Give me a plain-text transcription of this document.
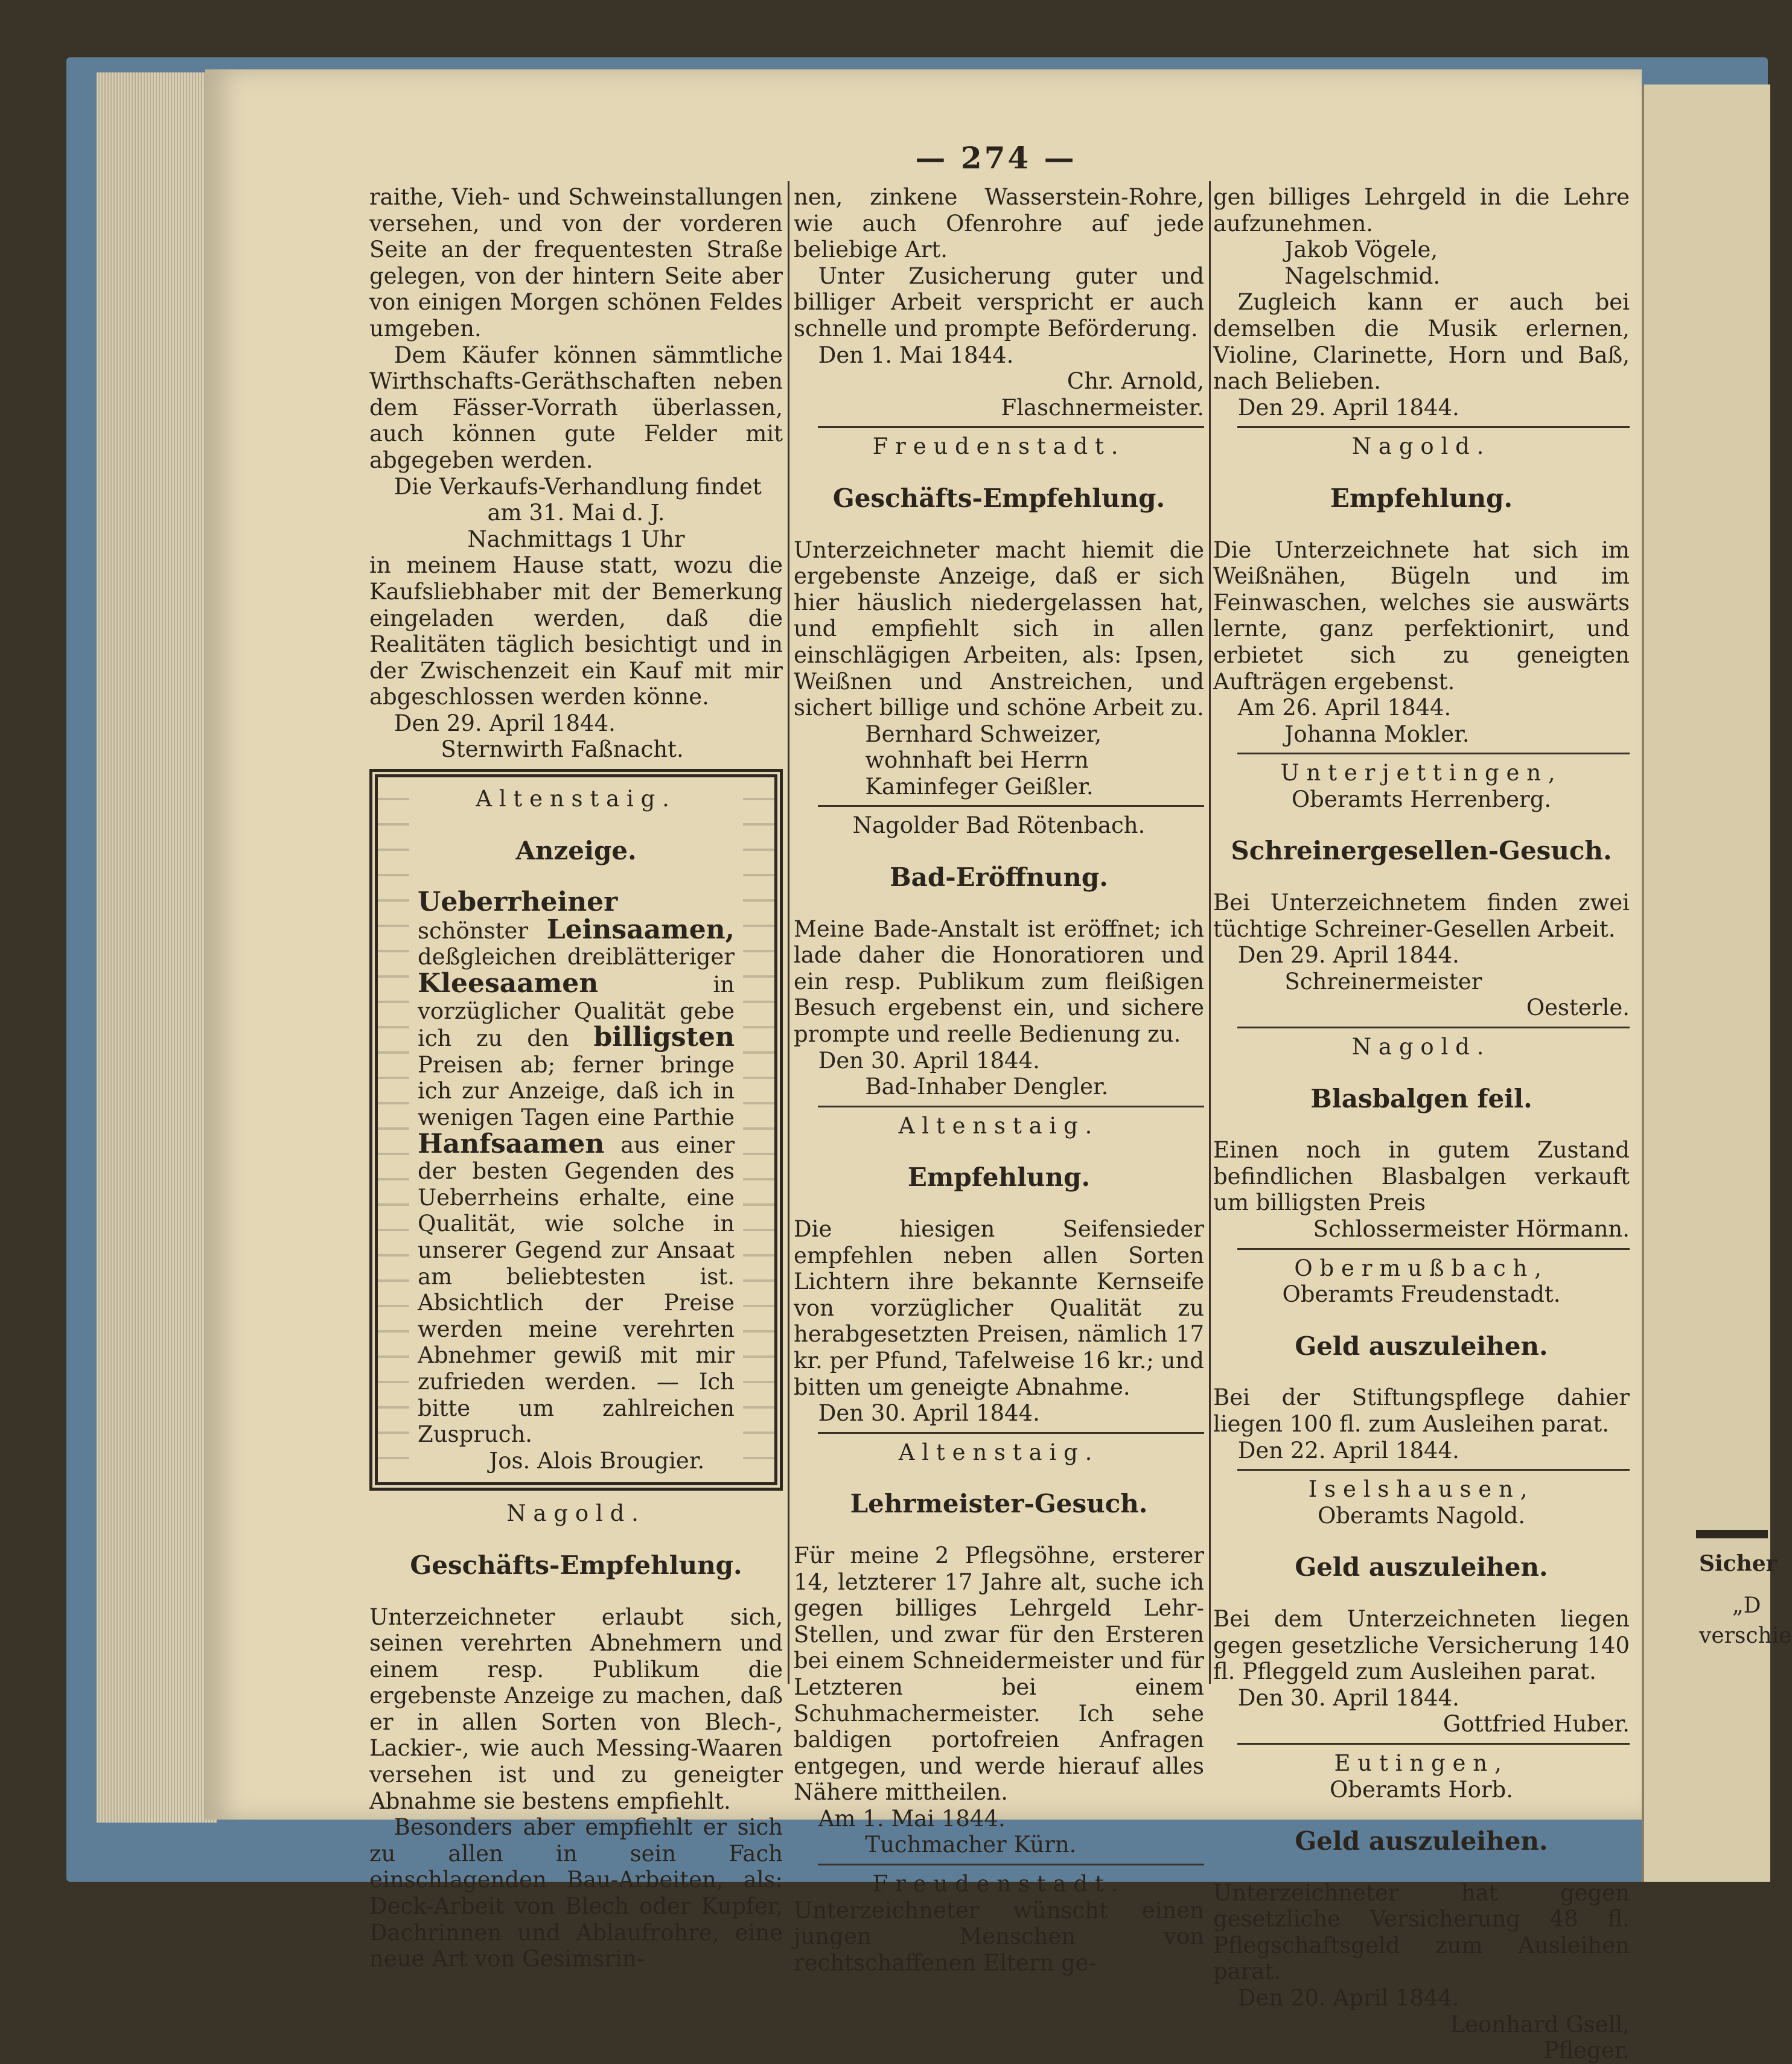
— 274 —

raithe, Vieh- und Schweinstallungen versehen, und von der vorderen Seite an der frequentesten Straße gelegen, von der hintern Seite aber von einigen Morgen schönen Feldes umgeben.

Dem Käufer können sämmtliche Wirthschafts-Geräthschaften neben dem Fässer-Vorrath überlassen, auch können gute Felder mit abgegeben werden.

Die Verkaufs-Verhandlung findet

am 31. Mai d. J.

Nachmittags 1 Uhr

in meinem Hause statt, wozu die Kaufsliebhaber mit der Bemerkung eingeladen werden, daß die Realitäten täglich besichtigt und in der Zwischenzeit ein Kauf mit mir abgeschlossen werden könne.

Den 29. April 1844.

Sternwirth Faßnacht.

Altenstaig.

Anzeige.

Ueberrheiner schönster Leinsaamen, deßgleichen dreiblätteriger Kleesaamen	in vorzüglicher Qualität gebe ich zu den billigsten Preisen ab; ferner bringe ich zur Anzeige, daß ich in wenigen Tagen eine Parthie Hanfsaamen aus einer der besten Gegenden des Ueberrheins erhalte, eine Qualität, wie solche in unserer Gegend zur Ansaat am beliebtesten ist. Absichtlich der Preise werden meine verehrten Abnehmer gewiß mit mir zufrieden werden. — Ich bitte um zahlreichen Zuspruch.

Jos. Alois Brougier.

Nagold.

Geschäfts-Empfehlung.

Unterzeichneter erlaubt sich, seinen verehrten Abnehmern und einem resp. Publikum die ergebenste Anzeige zu machen, daß er in allen Sorten von Blech-, Lackier-, wie auch Messing-Waaren versehen ist und zu geneigter Abnahme sie bestens empfiehlt.

Besonders aber empfiehlt er sich zu allen in sein Fach einschlagenden Bau-Arbeiten, als: Deck-Arbeit von Blech oder Kupfer, Dachrinnen und Ablaufrohre, eine neue Art von Gesimsrin-

nen, zinkene Wasserstein-Rohre, wie auch Ofenrohre auf jede beliebige Art.

Unter Zusicherung guter und billiger Arbeit verspricht er auch schnelle und prompte Beförderung.

Den 1. Mai 1844.

Chr. Arnold,

Flaschnermeister.

Freudenstadt.

Geschäfts-Empfehlung.

Unterzeichneter macht hiemit die ergebenste Anzeige, daß er sich hier häuslich niedergelassen hat, und empfiehlt sich in allen einschlägigen Arbeiten, als: Ipsen, Weißnen und Anstreichen, und sichert billige und schöne Arbeit zu.

Bernhard Schweizer,

wohnhaft bei Herrn

Kaminfeger Geißler.

Nagolder Bad Rötenbach.

Bad-Eröffnung.

Meine Bade-Anstalt ist eröffnet; ich lade daher die Honoratioren und ein resp. Publikum zum fleißigen Besuch ergebenst ein, und sichere prompte und reelle Bedienung zu.

Den 30. April 1844.

Bad-Inhaber Dengler.

Altenstaig.

Empfehlung.

Die hiesigen Seifensieder empfehlen neben allen Sorten Lichtern ihre bekannte Kernseife von vorzüglicher Qualität zu herabgesetzten Preisen, nämlich 17 kr. per Pfund, Tafelweise 16 kr.; und bitten um geneigte Abnahme.

Den 30. April 1844.

Altenstaig.

Lehrmeister-Gesuch.

Für meine 2 Pflegsöhne, ersterer 14, letzterer 17 Jahre alt, suche ich gegen billiges Lehrgeld Lehr-Stellen, und zwar für den Ersteren bei einem Schneidermeister und für Letzteren bei einem Schuhmachermeister. Ich sehe baldigen portofreien Anfragen entgegen, und werde hierauf alles Nähere mittheilen.

Am 1. Mai 1844.

Tuchmacher Kürn.

Freudenstadt.

Unterzeichneter wünscht einen jungen Menschen von rechtschaffenen Eltern ge-

gen billiges Lehrgeld in die Lehre aufzunehmen.

Jakob Vögele,

Nagelschmid.

Zugleich kann er auch bei demselben die Musik erlernen, Violine, Clarinette, Horn und Baß, nach Belieben.

Den 29. April 1844.

Nagold.

Empfehlung.

Die Unterzeichnete hat sich im Weißnähen, Bügeln und im Feinwaschen, welches sie auswärts lernte, ganz perfektionirt, und erbietet sich zu geneigten Aufträgen ergebenst.

Am 26. April 1844.

Johanna Mokler.

Unterjettingen,

Oberamts Herrenberg.

Schreinergesellen-Gesuch.

Bei Unterzeichnetem finden zwei tüchtige Schreiner-Gesellen Arbeit.

Den 29. April 1844.

Schreinermeister

Oesterle.

Nagold.

Blasbalgen feil.

Einen noch in gutem Zustand befindlichen Blasbalgen verkauft um billigsten Preis

Schlossermeister Hörmann.

Obermußbach,

Oberamts Freudenstadt.

Geld auszuleihen.

Bei der Stiftungspflege dahier liegen 100 fl. zum Ausleihen parat.

Den 22. April 1844.

Iselshausen,

Oberamts Nagold.

Geld auszuleihen.

Bei dem Unterzeichneten liegen gegen gesetzliche Versicherung 140 fl. Pfleggeld zum Ausleihen parat.

Den 30. April 1844.

Gottfried Huber.

Eutingen,

Oberamts Horb.

Geld auszuleihen.

Unterzeichneter hat gegen gesetzliche Versicherung 48 fl. Pflegschaftsgeld zum Ausleihen parat.

Den 20. April 1844.

Leonhard Gsell,

Pfleger.

Sicher
„D
verschie
